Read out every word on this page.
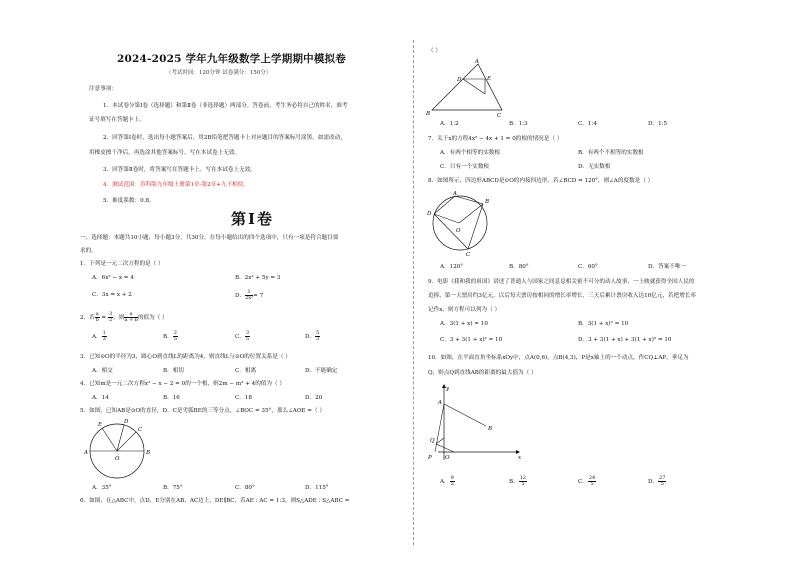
2024-2025 学年九年级数学上学期期中模拟卷
（考试时间：120分钟 试卷满分：150分）
注意事项：
1．本试卷分第Ⅰ卷（选择题）和第Ⅱ卷（非选择题）两部分。答卷前，考生务必将自己的姓名、准考
证号填写在答题卡上。
2．回答第Ⅰ卷时，选出每小题答案后，用2B铅笔把答题卡上对应题目的答案标号涂黑。如需改动，
用橡皮擦干净后，再选涂其他答案标号。写在本试卷上无效。
3．回答第Ⅱ卷时，将答案写在答题卡上。写在本试卷上无效。
4．测试范围：苏科版九年级上册第1章-第2章+九下相似。
5．难度系数：0.8。
第Ⅰ卷
一、选择题：本题共10小题，每小题3分，共30分。在每小题给出的四个选项中，只有一项是符合题目要
求的。
1．下列是一元二次方程的是（ ）
A．6x² − x = 4	B．2x² + 5y = 3
C．3x = x + 2	D． $\frac{1}{\text{2x²}} = 7$
2．若 $\frac{a}{b} = \frac{3}{2}$ ，则 $\frac{a}{a + b}$ 的值为（ ）
A． $\frac{1}{3}$	B． $\frac{2}{5}$	C． $\frac{3}{5}$	D． $\frac{5}{3}$
3．已知⊙O的半径为3，圆心O到直线L的距离为4，则直线L与⊙O的位置关系是（ ）
A．相交	B．相切	C．相离	D．不能确定
4．已知m是一元二次方程x² − x − 2 = 0的一个根，则2m − m² + 4的值为（ ）
A．14	B．16	C．18	D．20
5．如图，已知AB是⊙O的直径，D、C是劣弧BE的三等分点，∠BOC = 35°，那么∠AOE =（ ）
A	B
E	D
C
O
A．35°	B．75°	C．80°	D．115°
6．如图，在△ABC中，点D、E分别在AB、AC边上，DE∥BC，若AE : AC = 1:3，则S△ADE : S△ABC =
（ ）
A
B	C
D	E
A．1:2	B．1:3	C．1:4	D．1:5
7．关于x的方程4x² − 4x + 1 = 0的根的情况是（ ）
A．有两个相等的实数根	B．有两个不相等的实数根
C．只有一个实数根	D．无实数根
8．如图所示，四边形ABCD是⊙O的内接四边形，若∠BCD = 120°，则∠A的度数是（ ）
A
B
C
D
O
A．120°	B．80°	C．60°	D．答案不唯一
9．电影《我和我的祖国》讲述了普通人与国家之间息息相关密不可分的动人故事，一上映就获得全国人民的
追捧，第一天票房约3亿元，以后每天票房按相同的增长率增长，三天后累计票房收入达10亿元，若把增长率
记作x，则方程可以列为（ ）
A．3(1 + x) = 10	B．3(1 + x)² = 10
C．3 + 3(1 + x)² = 10	D．3 + 3(1 + x) + 3(1 + x)² = 10
10．如图，在平面直角坐标系xOy中，点A(0,6)，点B(4,3)，P是x轴上的一个动点，作CQ⊥AP，垂足为
Q，则点Q到直线AB的距离的最大值为（ ）
y
x
A
B
Q
O
P
A． $\frac{9}{5}$	B． $\frac{12}{5}$	C． $\frac{24}{5}$	D． $\frac{27}{5}$
